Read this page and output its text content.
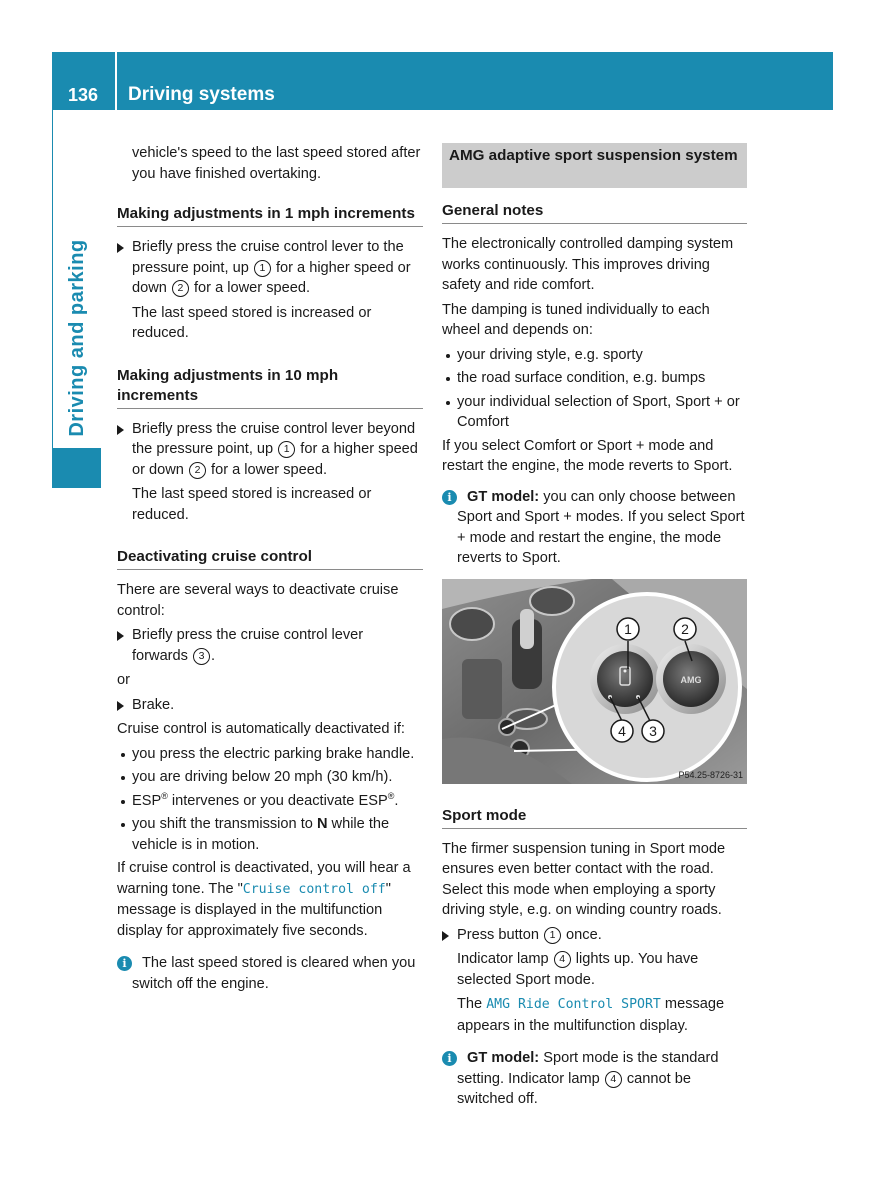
136	Driving systems
Driving and parking

vehicle's speed to the last speed stored after you have finished overtaking.

Making adjustments in 1 mph increments
Briefly press the cruise control lever to the pressure point, up 1 for a higher speed or down 2 for a lower speed.

The last speed stored is increased or reduced.

Making adjustments in 10 mph increments
Briefly press the cruise control lever beyond the pressure point, up 1 for a higher speed or down 2 for a lower speed.

The last speed stored is increased or reduced.

Deactivating cruise control

There are several ways to deactivate cruise control:

Briefly press the cruise control lever forwards 3 .

or

Brake.

Cruise control is automatically deactivated if:

you press the electric parking brake handle.
you are driving below 20 mph (30 km/h).
ESP® intervenes or you deactivate ESP®.
you shift the transmission to N while the vehicle is in motion.

If cruise control is deactivated, you will hear a warning tone. The "Cruise control off" message is displayed in the multifunction display for approximately five seconds.

i	The last speed stored is cleared when you switch off the engine.
AMG adaptive sport suspension system
General notes

The electronically controlled damping system works continuously. This improves driving safety and ride comfort.

The damping is tuned individually to each wheel and depends on:

your driving style, e.g. sporty
the road surface condition, e.g. bumps
your individual selection of Sport, Sport + or Comfort

If you select Comfort or Sport + mode and restart the engine, the mode reverts to Sport.

i	GT model: you can only choose between Sport and Sport + modes. If you select Sport + mode and restart the engine, the mode reverts to Sport.
AMG
1	2
3
4
P54.25-8726-31
Sport mode

The firmer suspension tuning in Sport mode ensures even better contact with the road. Select this mode when employing a sporty driving style, e.g. on winding country roads.

Press button 1 once.

Indicator lamp 4 lights up. You have selected Sport mode.

The AMG Ride Control SPORT message appears in the multifunction display.

i	GT model: Sport mode is the standard setting. Indicator lamp 4 cannot be switched off.
